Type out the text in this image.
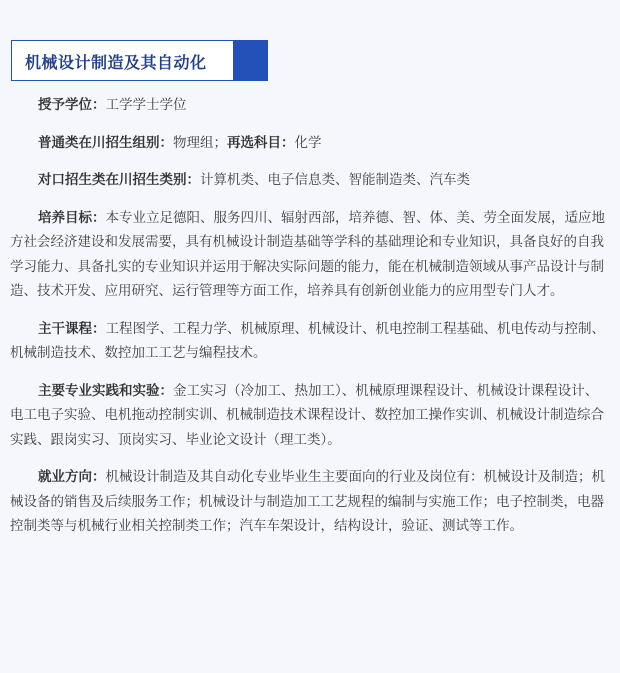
机械设计制造及其自动化

授予学位：工学学士学位

普通类在川招生组别：物理组；再选科目：化学

对口招生类在川招生类别：计算机类、电子信息类、智能制造类、汽车类

培养目标：本专业立足德阳、服务四川、辐射西部，培养德、智、体、美、劳全面发展，适应地方社会经济建设和发展需要，具有机械设计制造基础等学科的基础理论和专业知识，具备良好的自我学习能力、具备扎实的专业知识并运用于解决实际问题的能力，能在机械制造领域从事产品设计与制造、技术开发、应用研究、运行管理等方面工作，培养具有创新创业能力的应用型专门人才。

主干课程：工程图学、工程力学、机械原理、机械设计、机电控制工程基础、机电传动与控制、机械制造技术、数控加工工艺与编程技术。

主要专业实践和实验：金工实习（冷加工、热加工）、机械原理课程设计、机械设计课程设计、电工电子实验、电机拖动控制实训、机械制造技术课程设计、数控加工操作实训、机械设计制造综合实践、跟岗实习、顶岗实习、毕业论文设计（理工类）。

就业方向：机械设计制造及其自动化专业毕业生主要面向的行业及岗位有：机械设计及制造；机械设备的销售及后续服务工作；机械设计与制造加工工艺规程的编制与实施工作；电子控制类，电器控制类等与机械行业相关控制类工作；汽车车架设计，结构设计，验证、测试等工作。
